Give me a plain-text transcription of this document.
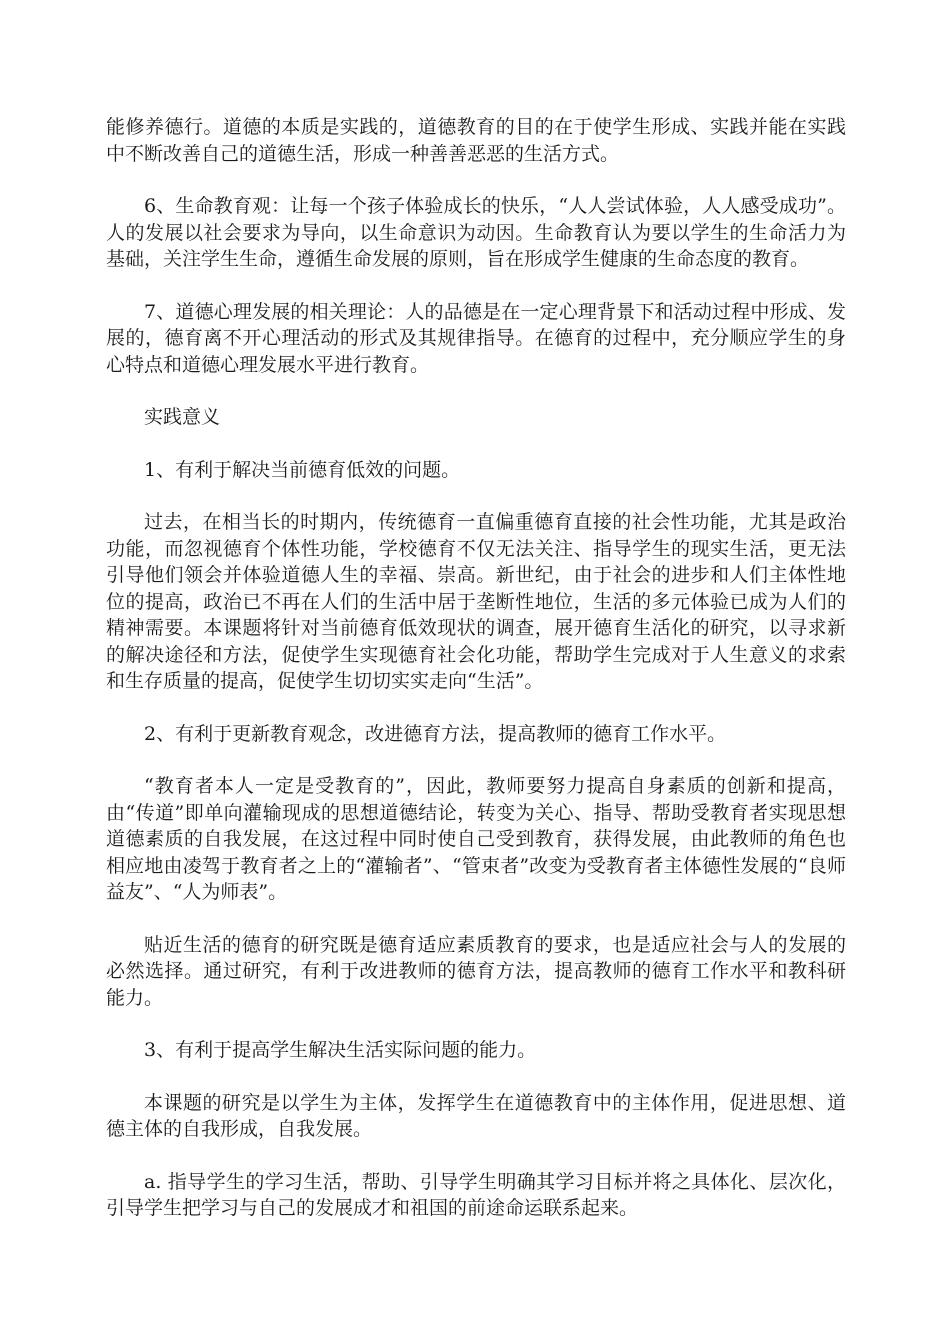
能修养德行。道德的本质是实践的，道德教育的目的在于使学生形成、实践并能在实践中不断改善自己的道德生活，形成一种善善恶恶的生活方式。

6、生命教育观：让每一个孩子体验成长的快乐，“人人尝试体验，人人感受成功”。人的发展以社会要求为导向，以生命意识为动因。生命教育认为要以学生的生命活力为基础，关注学生生命，遵循生命发展的原则，旨在形成学生健康的生命态度的教育。

7、道德心理发展的相关理论：人的品德是在一定心理背景下和活动过程中形成、发展的，德育离不开心理活动的形式及其规律指导。在德育的过程中，充分顺应学生的身心特点和道德心理发展水平进行教育。

实践意义

1、有利于解决当前德育低效的问题。

过去，在相当长的时期内，传统德育一直偏重德育直接的社会性功能，尤其是政治功能，而忽视德育个体性功能，学校德育不仅无法关注、指导学生的现实生活，更无法引导他们领会并体验道德人生的幸福、崇高。新世纪，由于社会的进步和人们主体性地位的提高，政治已不再在人们的生活中居于垄断性地位，生活的多元体验已成为人们的精神需要。本课题将针对当前德育低效现状的调查，展开德育生活化的研究，以寻求新的解决途径和方法，促使学生实现德育社会化功能，帮助学生完成对于人生意义的求索和生存质量的提高，促使学生切切实实走向“生活”。

2、有利于更新教育观念，改进德育方法，提高教师的德育工作水平。

“教育者本人一定是受教育的”，因此，教师要努力提高自身素质的创新和提高，由“传道”即单向灌输现成的思想道德结论，转变为关心、指导、帮助受教育者实现思想道德素质的自我发展，在这过程中同时使自己受到教育，获得发展，由此教师的角色也相应地由凌驾于教育者之上的“灌输者”、“管束者”改变为受教育者主体德性发展的“良师益友”、“人为师表”。

贴近生活的德育的研究既是德育适应素质教育的要求，也是适应社会与人的发展的必然选择。通过研究，有利于改进教师的德育方法，提高教师的德育工作水平和教科研能力。

3、有利于提高学生解决生活实际问题的能力。

本课题的研究是以学生为主体，发挥学生在道德教育中的主体作用，促进思想、道德主体的自我形成，自我发展。

a. 指导学生的学习生活，帮助、引导学生明确其学习目标并将之具体化、层次化，引导学生把学习与自己的发展成才和祖国的前途命运联系起来。
